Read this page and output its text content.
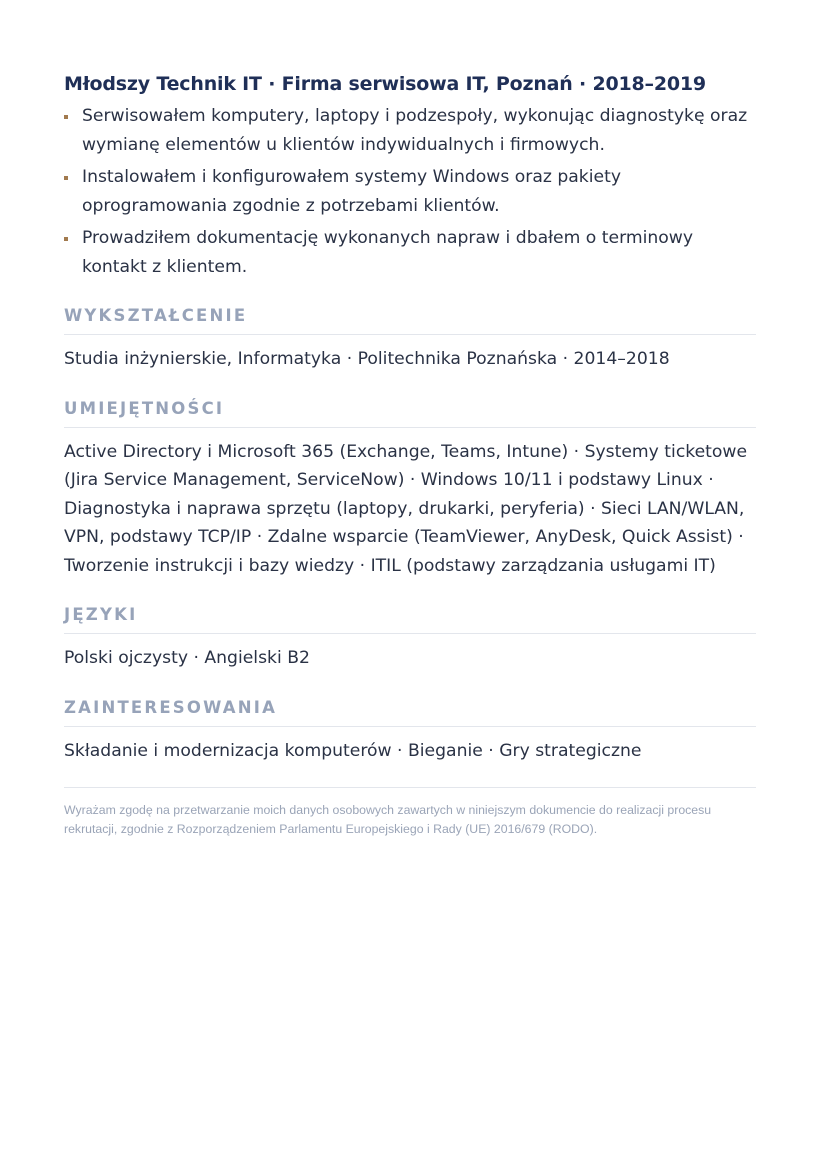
Młodszy Technik IT · Firma serwisowa IT, Poznań · 2018–2019
Serwisowałem komputery, laptopy i podzespoły, wykonując diagnostykę oraz wymianę elementów u klientów indywidualnych i firmowych.
Instalowałem i konfigurowałem systemy Windows oraz pakiety oprogramowania zgodnie z potrzebami klientów.
Prowadziłem dokumentację wykonanych napraw i dbałem o terminowy kontakt z klientem.
WYKSZTAŁCENIE
Studia inżynierskie, Informatyka · Politechnika Poznańska · 2014–2018
UMIEJĘTNOŚCI
Active Directory i Microsoft 365 (Exchange, Teams, Intune) · Systemy ticketowe (Jira Service Management, ServiceNow) · Windows 10/11 i podstawy Linux · Diagnostyka i naprawa sprzętu (laptopy, drukarki, peryferia) · Sieci LAN/WLAN, VPN, podstawy TCP/IP · Zdalne wsparcie (TeamViewer, AnyDesk, Quick Assist) · Tworzenie instrukcji i bazy wiedzy · ITIL (podstawy zarządzania usługami IT)
JĘZYKI
Polski ojczysty · Angielski B2
ZAINTERESOWANIA
Składanie i modernizacja komputerów · Bieganie · Gry strategiczne
Wyrażam zgodę na przetwarzanie moich danych osobowych zawartych w niniejszym dokumencie do realizacji procesu rekrutacji, zgodnie z Rozporządzeniem Parlamentu Europejskiego i Rady (UE) 2016/679 (RODO).
